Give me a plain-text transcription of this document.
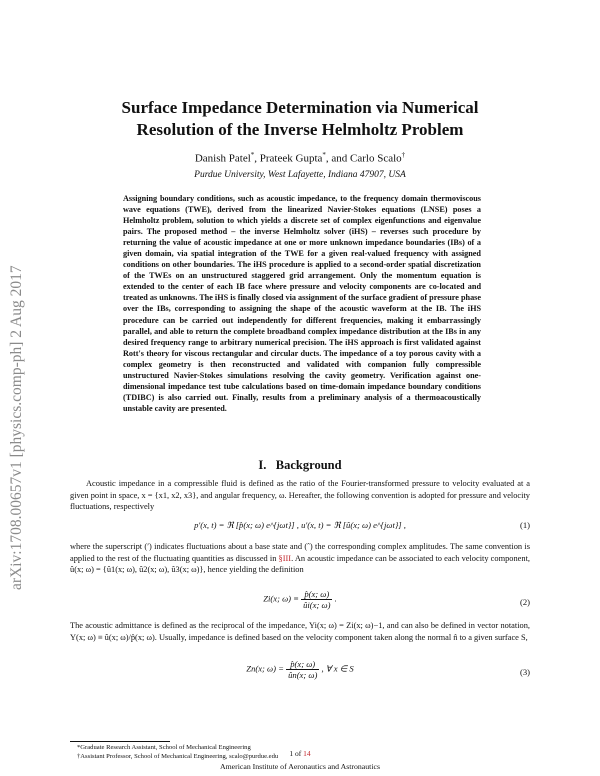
arXiv:1708.00657v1 [physics.comp-ph] 2 Aug 2017
Surface Impedance Determination via Numerical
Resolution of the Inverse Helmholtz Problem
Danish Patel*, Prateek Gupta*, and Carlo Scalo†
Purdue University, West Lafayette, Indiana 47907, USA

Assigning boundary conditions, such as acoustic impedance, to the frequency domain thermoviscous wave equations (TWE), derived from the linearized Navier-Stokes equations (LNSE) poses a Helmholtz problem, solution to which yields a discrete set of complex eigenfunctions and eigenvalue pairs. The proposed method – the inverse Helmholtz solver (iHS) – reverses such procedure by returning the value of acoustic impedance at one or more unknown impedance boundaries (IBs) of a given domain, via spatial integration of the TWE for a given real-valued frequency with assigned conditions on other boundaries. The iHS procedure is applied to a second-order spatial discretization of the TWEs on an unstructured staggered grid arrangement. Only the momentum equation is extended to the center of each IB face where pressure and velocity components are co-located and treated as unknowns. The iHS is finally closed via assignment of the surface gradient of pressure phase over the IBs, corresponding to assigning the shape of the acoustic waveform at the IB. The iHS procedure can be carried out independently for different frequencies, making it embarrassingly parallel, and able to return the complete broadband complex impedance distribution at the IBs in any desired frequency range to arbitrary numerical precision. The iHS approach is first validated against Rott's theory for viscous rectangular and circular ducts. The impedance of a toy porous cavity with a complex geometry is then reconstructed and validated with companion fully compressible unstructured Navier-Stokes simulations resolving the cavity geometry. Verification against one-dimensional impedance test tube calculations based on time-domain impedance boundary conditions (TDIBC) is also carried out. Finally, results from a preliminary analysis of a thermoacoustically unstable cavity are presented.

I. Background

Acoustic impedance in a compressible fluid is defined as the ratio of the Fourier-transformed pressure to velocity evaluated at a given point in space, x = {x1, x2, x3}, and angular frequency, ω. Hereafter, the following convention is adopted for pressure and velocity fluctuations, respectively

p′(x, t) = ℜ [p̂(x; ω) e^{jωt}] , u′(x, t) = ℜ [û(x; ω) e^{jωt}] ,	(1)

where the superscript (′) indicates fluctuations about a base state and (ˆ) the corresponding complex amplitudes. The same convention is applied to the rest of the fluctuating quantities as discussed in §III. An acoustic impedance can be associated to each velocity component, û(x; ω) = {û1(x; ω), û2(x; ω), û3(x; ω)}, hence yielding the definition

Zi(x; $\omega) \equiv \frac{p̂(x; \omega)}{ûi(x; \omega)}$ .	(2)

The acoustic admittance is defined as the reciprocal of the impedance, Yi(x; ω) = Zi(x; ω)−1, and can also be defined in vector notation, Y(x; ω) ≡ û(x; ω)/p̂(x; ω). Usually, impedance is defined based on the velocity component taken along the normal n̂ to a given surface S,

Zn(x; $\omega) = \frac{p̂(x; \omega)}{ûn(x; \omega)}$ , ∀ x ∈ S	(3)
*Graduate Research Assistant, School of Mechanical Engineering
†Assistant Professor, School of Mechanical Engineering, scalo@purdue.edu	1 of 14
American Institute of Aeronautics and Astronautics
